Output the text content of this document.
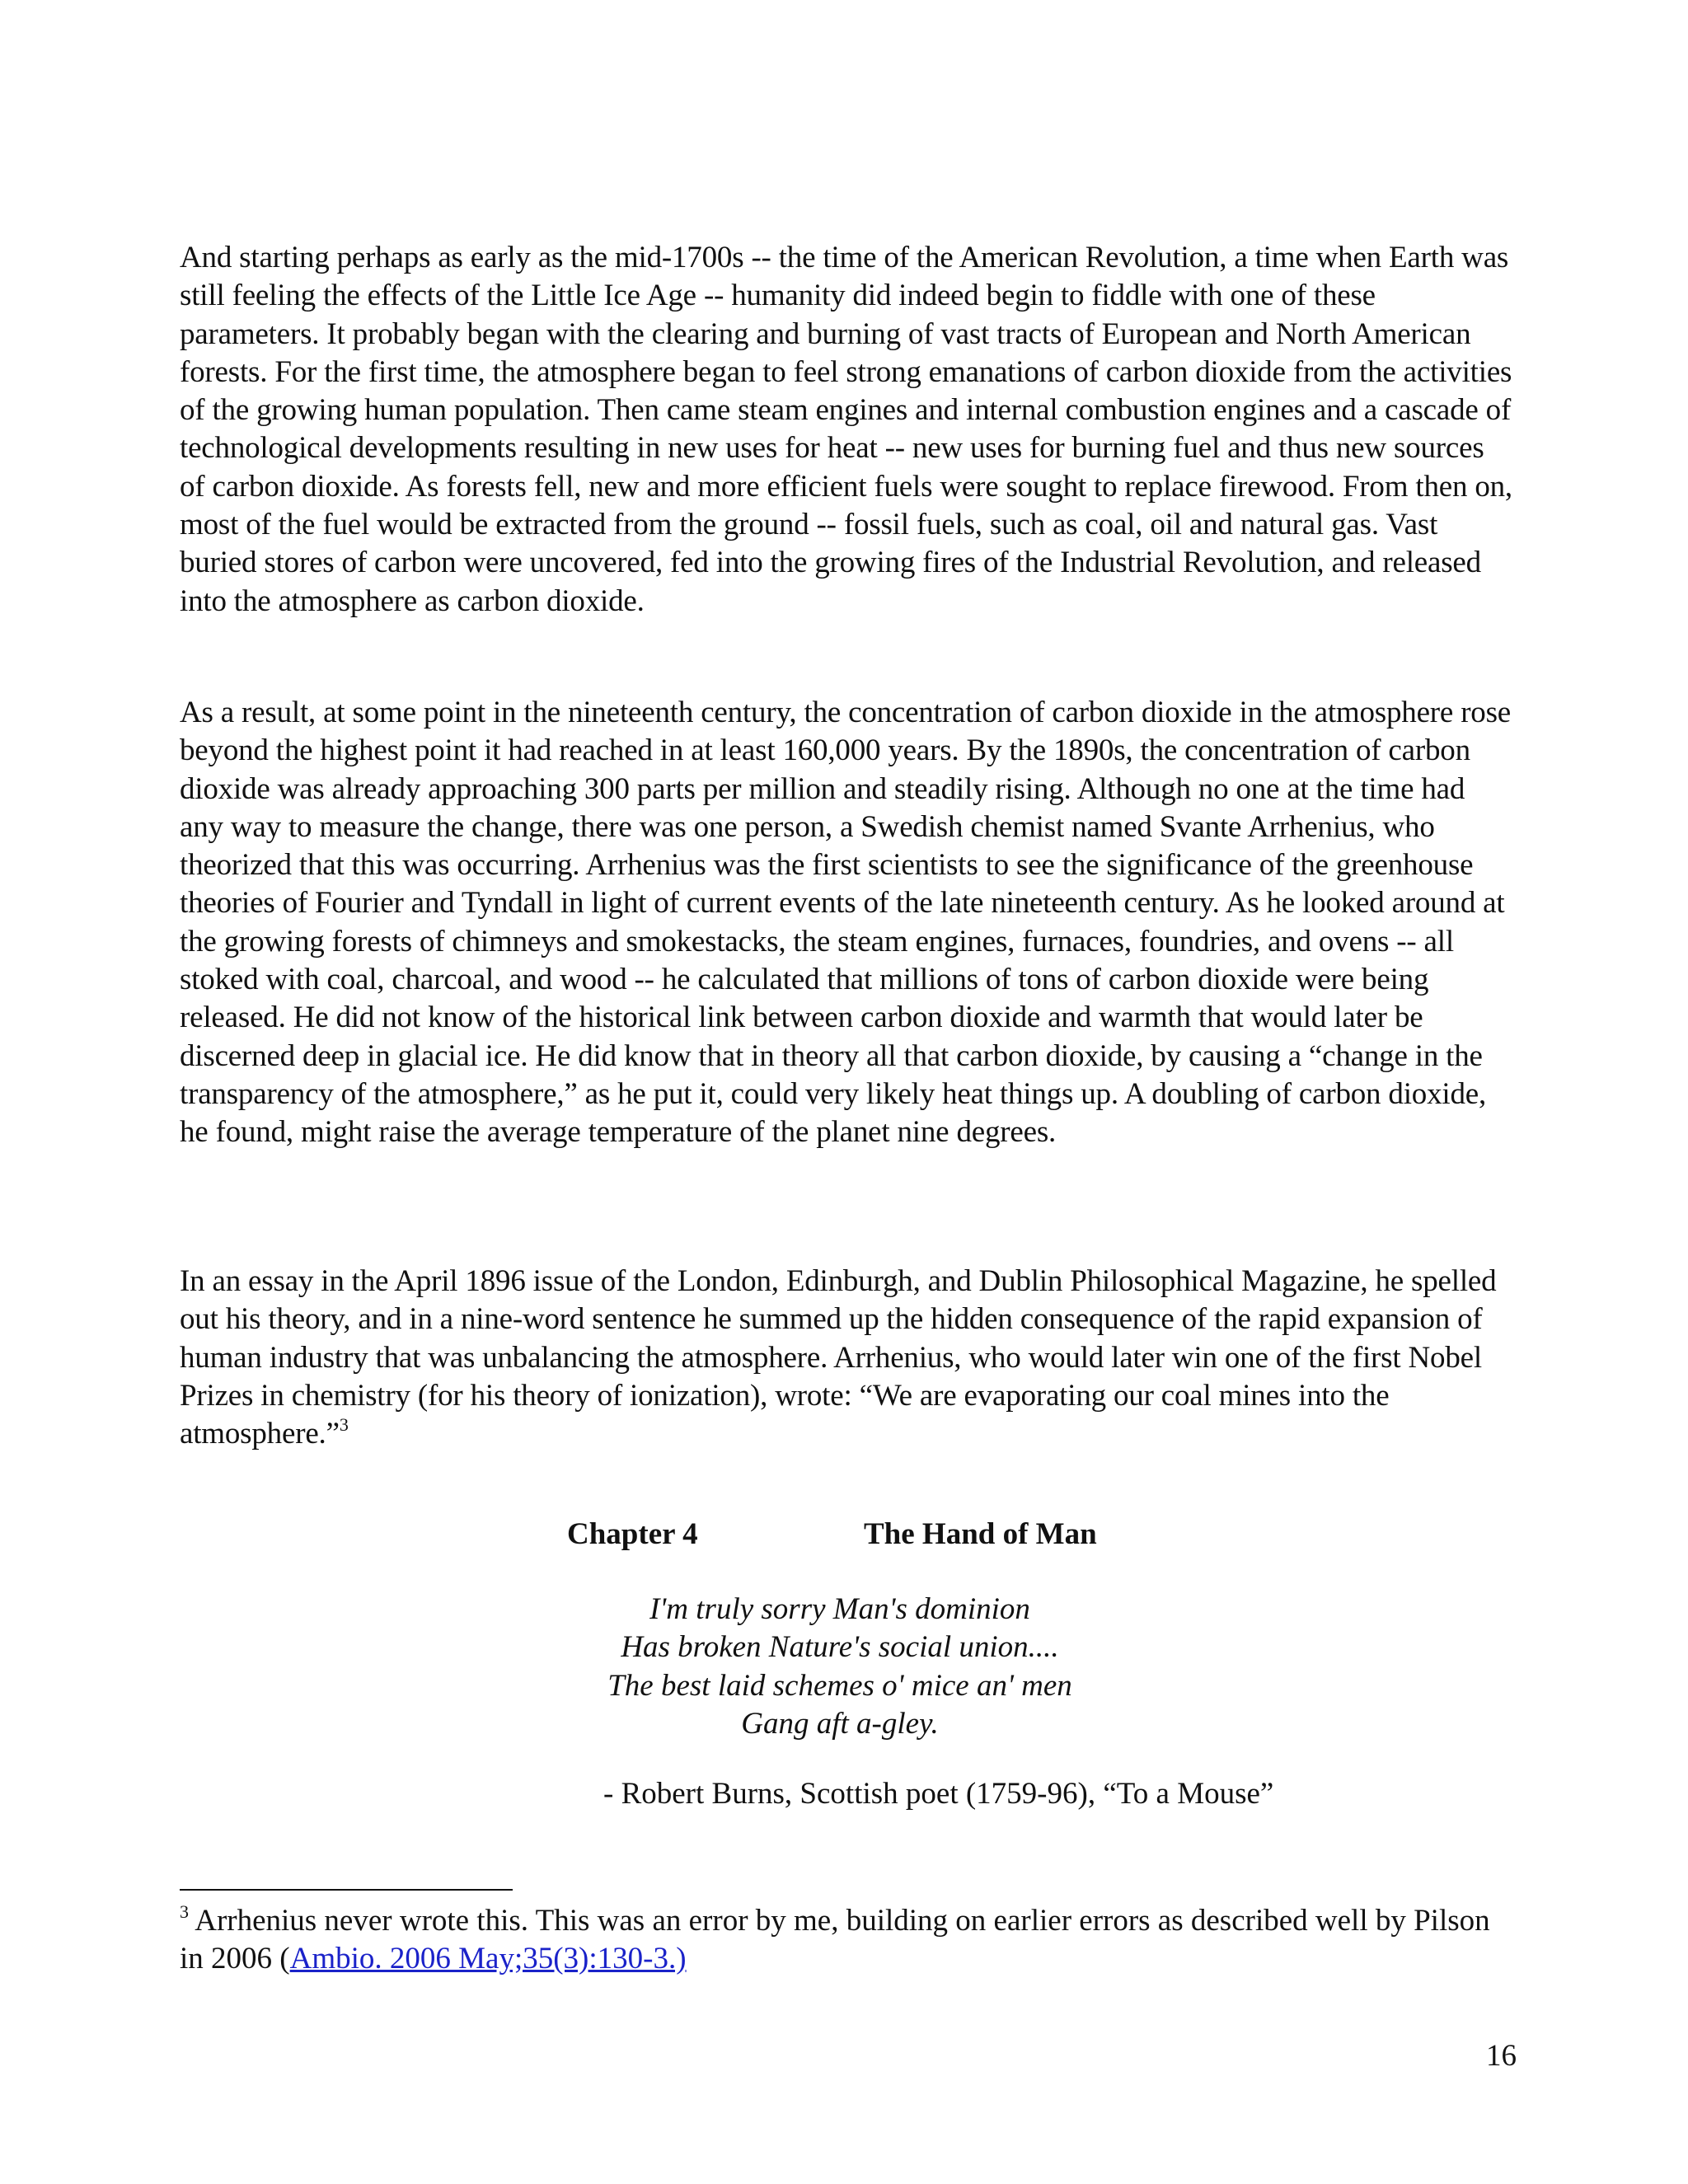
And starting perhaps as early as the mid-1700s -- the time of the American Revolution, a time when Earth was still feeling the effects of the Little Ice Age -- humanity did indeed begin to fiddle with one of these parameters. It probably began with the clearing and burning of vast tracts of European and North American forests. For the first time, the atmosphere began to feel strong emanations of carbon dioxide from the activities of the growing human population. Then came steam engines and internal combustion engines and a cascade of technological developments resulting in new uses for heat -- new uses for burning fuel and thus new sources of carbon dioxide. As forests fell, new and more efficient fuels were sought to replace firewood. From then on, most of the fuel would be extracted from the ground -- fossil fuels, such as coal, oil and natural gas. Vast buried stores of carbon were uncovered, fed into the growing fires of the Industrial Revolution, and released into the atmosphere as carbon dioxide.

As a result, at some point in the nineteenth century, the concentration of carbon dioxide in the atmosphere rose beyond the highest point it had reached in at least 160,000 years. By the 1890s, the concentration of carbon dioxide was already approaching 300 parts per million and steadily rising. Although no one at the time had any way to measure the change, there was one person, a Swedish chemist named Svante Arrhenius, who theorized that this was occurring. Arrhenius was the first scientists to see the significance of the greenhouse theories of Fourier and Tyndall in light of current events of the late nineteenth century. As he looked around at the growing forests of chimneys and smokestacks, the steam engines, furnaces, foundries, and ovens -- all stoked with coal, charcoal, and wood -- he calculated that millions of tons of carbon dioxide were being released. He did not know of the historical link between carbon dioxide and warmth that would later be discerned deep in glacial ice. He did know that in theory all that carbon dioxide, by causing a “change in the transparency of the atmosphere,” as he put it, could very likely heat things up. A doubling of carbon dioxide, he found, might raise the average temperature of the planet nine degrees.

In an essay in the April 1896 issue of the London, Edinburgh, and Dublin Philosophical Magazine, he spelled out his theory, and in a nine-word sentence he summed up the hidden consequence of the rapid expansion of human industry that was unbalancing the atmosphere. Arrhenius, who would later win one of the first Nobel Prizes in chemistry (for his theory of ionization), wrote: “We are evaporating our coal mines into the atmosphere.”$^3$

Chapter 4	The Hand of Man
I'm truly sorry Man's dominion
Has broken Nature's social union....
The best laid schemes o' mice an' men
Gang aft a-gley.
- Robert Burns, Scottish poet (1759-96), “To a Mouse”
$^3$ Arrhenius never wrote this. This was an error by me, building on earlier errors as described well by Pilson in 2006 (Ambio. 2006 May;35(3):130-3.)
16
